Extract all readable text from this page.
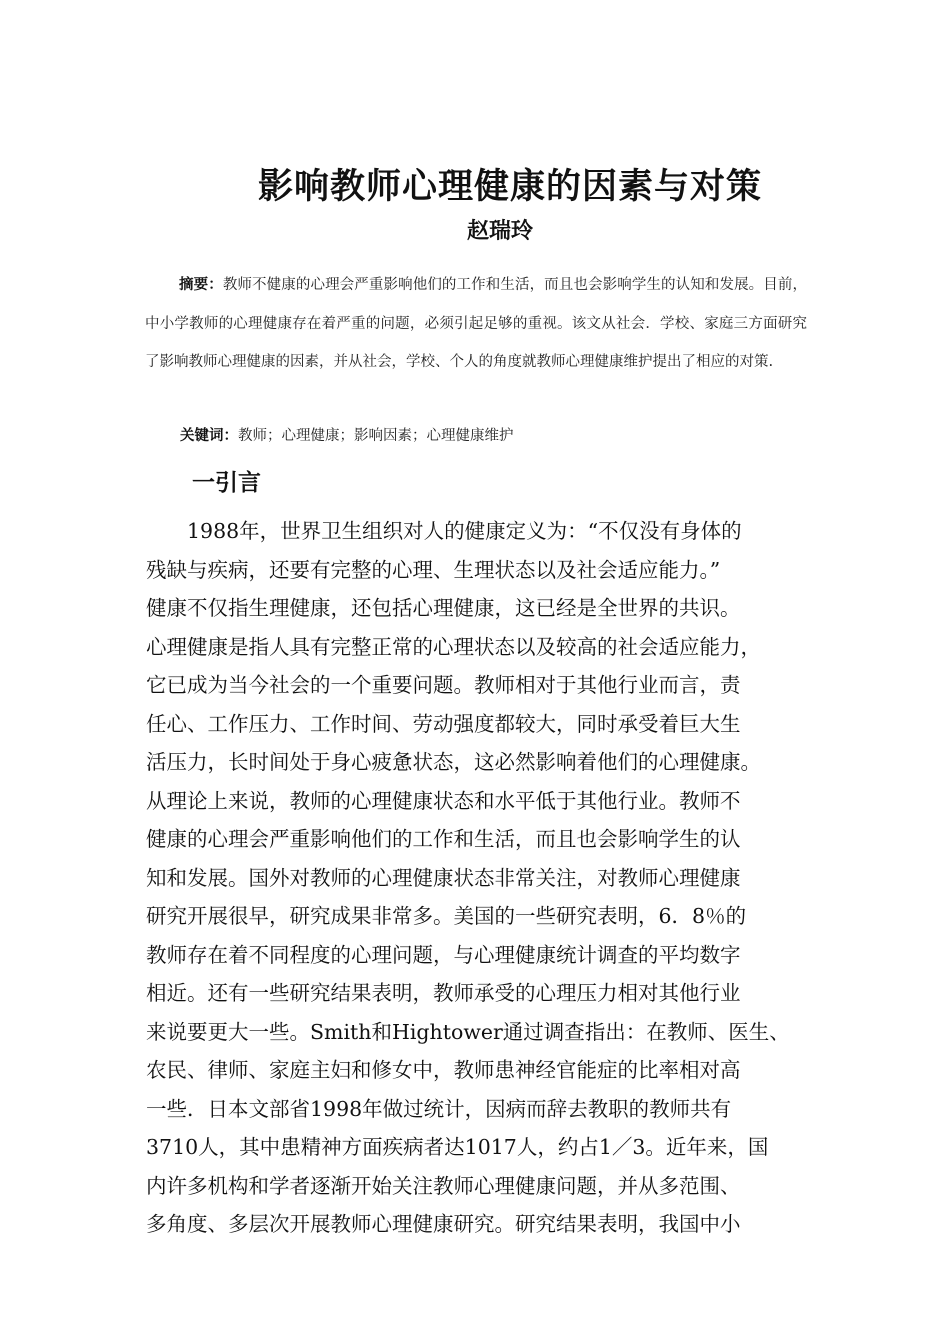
影响教师心理健康的因素与对策
赵瑞玲

摘要：教师不健康的心理会严重影响他们的工作和生活，而且也会影响学生的认知和发展。目前，中小学教师的心理健康存在着严重的问题，必须引起足够的重视。该文从社会．学校、家庭三方面研究了影响教师心理健康的因素，并从社会，学校、个人的角度就教师心理健康维护提出了相应的对策.

关键词：教师；心理健康；影响因素；心理健康维护

一引言
1988年，世界卫生组织对人的健康定义为：“不仅没有身体的
残缺与疾病，还要有完整的心理、生理状态以及社会适应能力。”
健康不仅指生理健康，还包括心理健康，这已经是全世界的共识。
心理健康是指人具有完整正常的心理状态以及较高的社会适应能力，
它已成为当今社会的一个重要问题。教师相对于其他行业而言，责
任心、工作压力、工作时间、劳动强度都较大，同时承受着巨大生
活压力，长时间处于身心疲惫状态，这必然影响着他们的心理健康。
从理论上来说，教师的心理健康状态和水平低于其他行业。教师不
健康的心理会严重影响他们的工作和生活，而且也会影响学生的认
知和发展。国外对教师的心理健康状态非常关注，对教师心理健康
研究开展很早，研究成果非常多。美国的一些研究表明，6．8％的
教师存在着不同程度的心理问题，与心理健康统计调查的平均数字
相近。还有一些研究结果表明，教师承受的心理压力相对其他行业
来说要更大一些。Smith和Hightower通过调查指出：在教师、医生、
农民、律师、家庭主妇和修女中，教师患神经官能症的比率相对高
一些．日本文部省1998年做过统计，因病而辞去教职的教师共有
3710人，其中患精神方面疾病者达1017人，约占1／3。近年来，国
内许多机构和学者逐渐开始关注教师心理健康问题，并从多范围、
多角度、多层次开展教师心理健康研究。研究结果表明，我国中小
